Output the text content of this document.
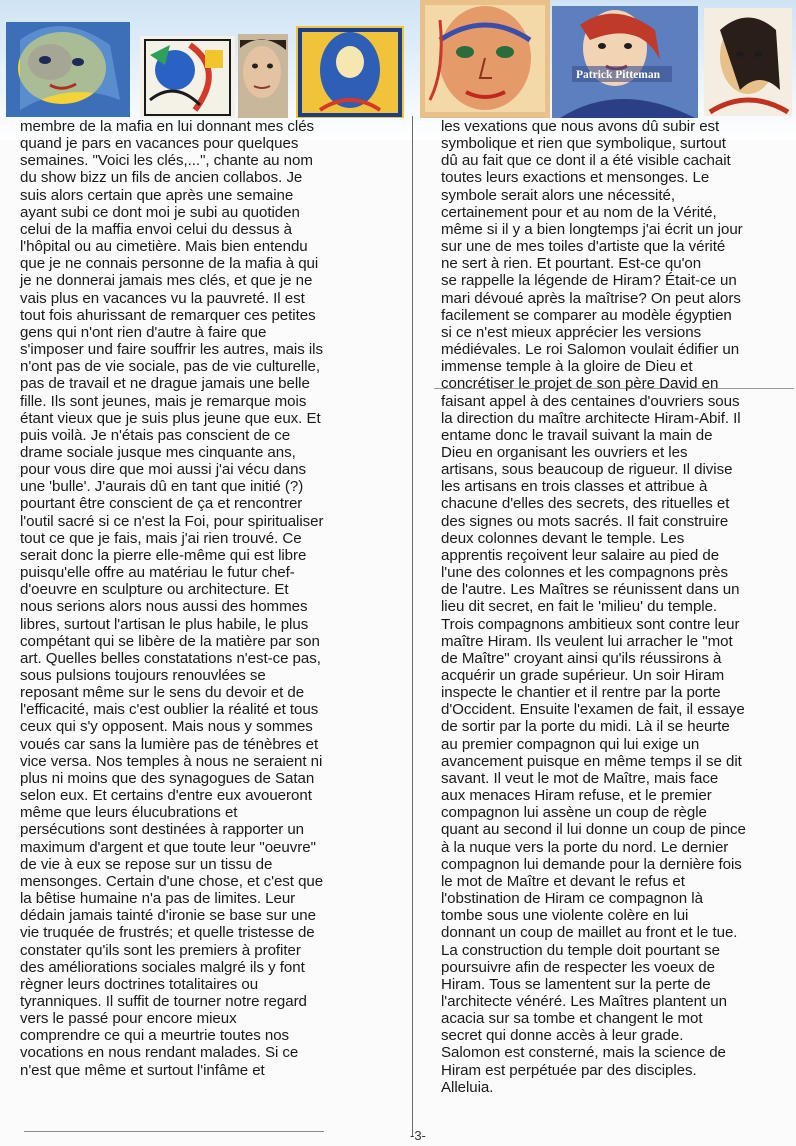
Patrick Pitteman
membre de la mafia en lui donnant mes clés
quand je pars en vacances pour quelques
semaines. "Voici les clés,...", chante au nom
du show bizz un fils de ancien collabos. Je
suis alors certain que après une semaine
ayant subi ce dont moi je subi au quotiden
celui de la maffia envoi celui du dessus à
l'hôpital ou au cimetière. Mais bien entendu
que je ne connais personne de la mafia à qui
je ne donnerai jamais mes clés, et que je ne
vais plus en vacances vu la pauvreté. Il est
tout fois ahurissant de remarquer ces petites
gens qui n'ont rien d'autre à faire que
s'imposer und faire souffrir les autres, mais ils
n'ont pas de vie sociale, pas de vie culturelle,
pas de travail et ne drague jamais une belle
fille. Ils sont jeunes, mais je remarque mois
étant vieux que je suis plus jeune que eux. Et
puis voilà. Je n'étais pas conscient de ce
drame sociale jusque mes cinquante ans,
pour vous dire que moi aussi j'ai vécu dans
une 'bulle'. J'aurais dû en tant que initié (?)
pourtant être conscient de ça et rencontrer
l'outil sacré si ce n'est la Foi, pour spiritualiser
tout ce que je fais, mais j'ai rien trouvé. Ce
serait donc la pierre elle-même qui est libre
puisqu'elle offre au matériau le futur chef-
d'oeuvre en sculpture ou architecture. Et
nous serions alors nous aussi des hommes
libres, surtout l'artisan le plus habile, le plus
compétant qui se libère de la matière par son
art. Quelles belles constatations n'est-ce pas,
sous pulsions toujours renouvlées se
reposant même sur le sens du devoir et de
l'efficacité, mais c'est oublier la réalité et tous
ceux qui s'y opposent. Mais nous y sommes
voués car sans la lumière pas de ténèbres et
vice versa. Nos temples à nous ne seraient ni
plus ni moins que des synagogues de Satan
selon eux. Et certains d'entre eux avoueront
même que leurs élucubrations et
persécutions sont destinées à rapporter un
maximum d'argent et que toute leur "oeuvre"
de vie à eux se repose sur un tissu de
mensonges. Certain d'une chose, et c'est que
la bêtise humaine n'a pas de limites. Leur
dédain jamais tainté d'ironie se base sur une
vie truquée de frustrés; et quelle tristesse de
constater qu'ils sont les premiers à profiter
des améliorations sociales malgré ils y font
règner leurs doctrines totalitaires ou
tyranniques. Il suffit de tourner notre regard
vers le passé pour encore mieux
comprendre ce qui a meurtrie toutes nos
vocations en nous rendant malades. Si ce
n'est que même et surtout l'infâme et
les vexations que nous avons dû subir est
symbolique et rien que symbolique, surtout
dû au fait que ce dont il a été visible cachait
toutes leurs exactions et mensonges. Le
symbole serait alors une nécessité,
certainement pour et au nom de la Vérité,
même si il y a bien longtemps j'ai écrit un jour
sur une de mes toiles d'artiste que la vérité
ne sert à rien. Et pourtant. Est-ce qu'on
se rappelle la légende de Hiram? Était-ce un
mari dévoué après la maîtrise? On peut alors
facilement se comparer au modèle égyptien
si ce n'est mieux apprécier les versions
médiévales. Le roi Salomon voulait édifier un
immense temple à la gloire de Dieu et
concrétiser le projet de son père David en
faisant appel à des centaines d'ouvriers sous
la direction du maître architecte Hiram-Abif. Il
entame donc le travail suivant la main de
Dieu en organisant les ouvriers et les
artisans, sous beaucoup de rigueur. Il divise
les artisans en trois classes et attribue à
chacune d'elles des secrets, des rituelles et
des signes ou mots sacrés. Il fait construire
deux colonnes devant le temple. Les
apprentis reçoivent leur salaire au pied de
l'une des colonnes et les compagnons près
de l'autre. Les Maîtres se réunissent dans un
lieu dit secret, en fait le 'milieu' du temple.
Trois compagnons ambitieux sont contre leur
maître Hiram. Ils veulent lui arracher le "mot
de Maître" croyant ainsi qu'ils réussirons à
acquérir un grade supérieur. Un soir Hiram
inspecte le chantier et il rentre par la porte
d'Occident. Ensuite l'examen de fait, il essaye
de sortir par la porte du midi. Là il se heurte
au premier compagnon qui lui exige un
avancement puisque en même temps il se dit
savant. Il veut le mot de Maître, mais face
aux menaces Hiram refuse, et le premier
compagnon lui assène un coup de règle
quant au second il lui donne un coup de pince
à la nuque vers la porte du nord. Le dernier
compagnon lui demande pour la dernière fois
le mot de Maître et devant le refus et
l'obstination de Hiram ce compagnon là
tombe sous une violente colère en lui
donnant un coup de maillet au front et le tue.
La construction du temple doit pourtant se
poursuivre afin de respecter les voeux de
Hiram. Tous se lamentent sur la perte de
l'architecte vénéré. Les Maîtres plantent un
acacia sur sa tombe et changent le mot
secret qui donne accès à leur grade.
Salomon est consterné, mais la science de
Hiram est perpétuée par des disciples.
Alleluia.
-3-
